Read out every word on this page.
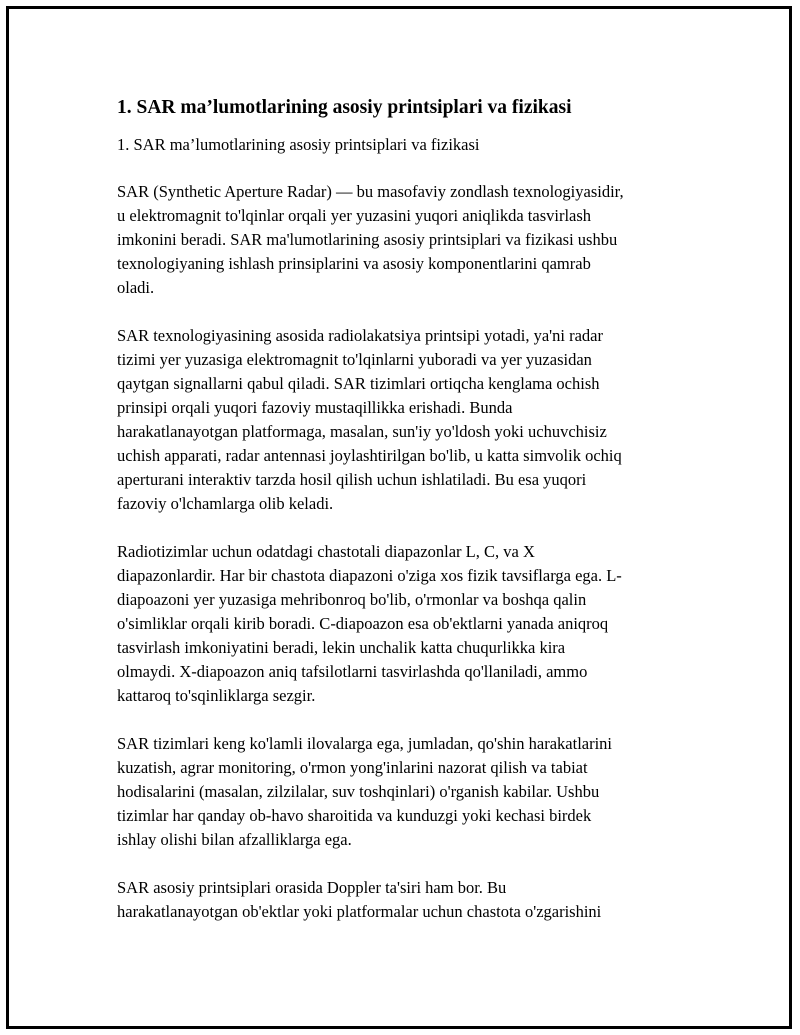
1. SAR ma’lumotlarining asosiy printsiplari va fizikasi

1. SAR ma’lumotlarining asosiy printsiplari va fizikasi

SAR (Synthetic Aperture Radar) — bu masofaviy zondlash texnologiyasidir,
u elektromagnit to'lqinlar orqali yer yuzasini yuqori aniqlikda tasvirlash
imkonini beradi. SAR ma'lumotlarining asosiy printsiplari va fizikasi ushbu
texnologiyaning ishlash prinsiplarini va asosiy komponentlarini qamrab
oladi.

SAR texnologiyasining asosida radiolakatsiya printsipi yotadi, ya'ni radar
tizimi yer yuzasiga elektromagnit to'lqinlarni yuboradi va yer yuzasidan
qaytgan signallarni qabul qiladi. SAR tizimlari ortiqcha kenglama ochish
prinsipi orqali yuqori fazoviy mustaqillikka erishadi. Bunda
harakatlanayotgan platformaga, masalan, sun'iy yo'ldosh yoki uchuvchisiz
uchish apparati, radar antennasi joylashtirilgan bo'lib, u katta simvolik ochiq
aperturani interaktiv tarzda hosil qilish uchun ishlatiladi. Bu esa yuqori
fazoviy o'lchamlarga olib keladi.

Radiotizimlar uchun odatdagi chastotali diapazonlar L, C, va X
diapazonlardir. Har bir chastota diapazoni o'ziga xos fizik tavsiflarga ega. L-
diapoazoni yer yuzasiga mehribonroq bo'lib, o'rmonlar va boshqa qalin
o'simliklar orqali kirib boradi. C-diapoazon esa ob'ektlarni yanada aniqroq
tasvirlash imkoniyatini beradi, lekin unchalik katta chuqurlikka kira
olmaydi. X-diapoazon aniq tafsilotlarni tasvirlashda qo'llaniladi, ammo
kattaroq to'sqinliklarga sezgir.

SAR tizimlari keng ko'lamli ilovalarga ega, jumladan, qo'shin harakatlarini
kuzatish, agrar monitoring, o'rmon yong'inlarini nazorat qilish va tabiat
hodisalarini (masalan, zilzilalar, suv toshqinlari) o'rganish kabilar. Ushbu
tizimlar har qanday ob-havo sharoitida va kunduzgi yoki kechasi birdek
ishlay olishi bilan afzalliklarga ega.

SAR asosiy printsiplari orasida Doppler ta'siri ham bor. Bu
harakatlanayotgan ob'ektlar yoki platformalar uchun chastota o'zgarishini
